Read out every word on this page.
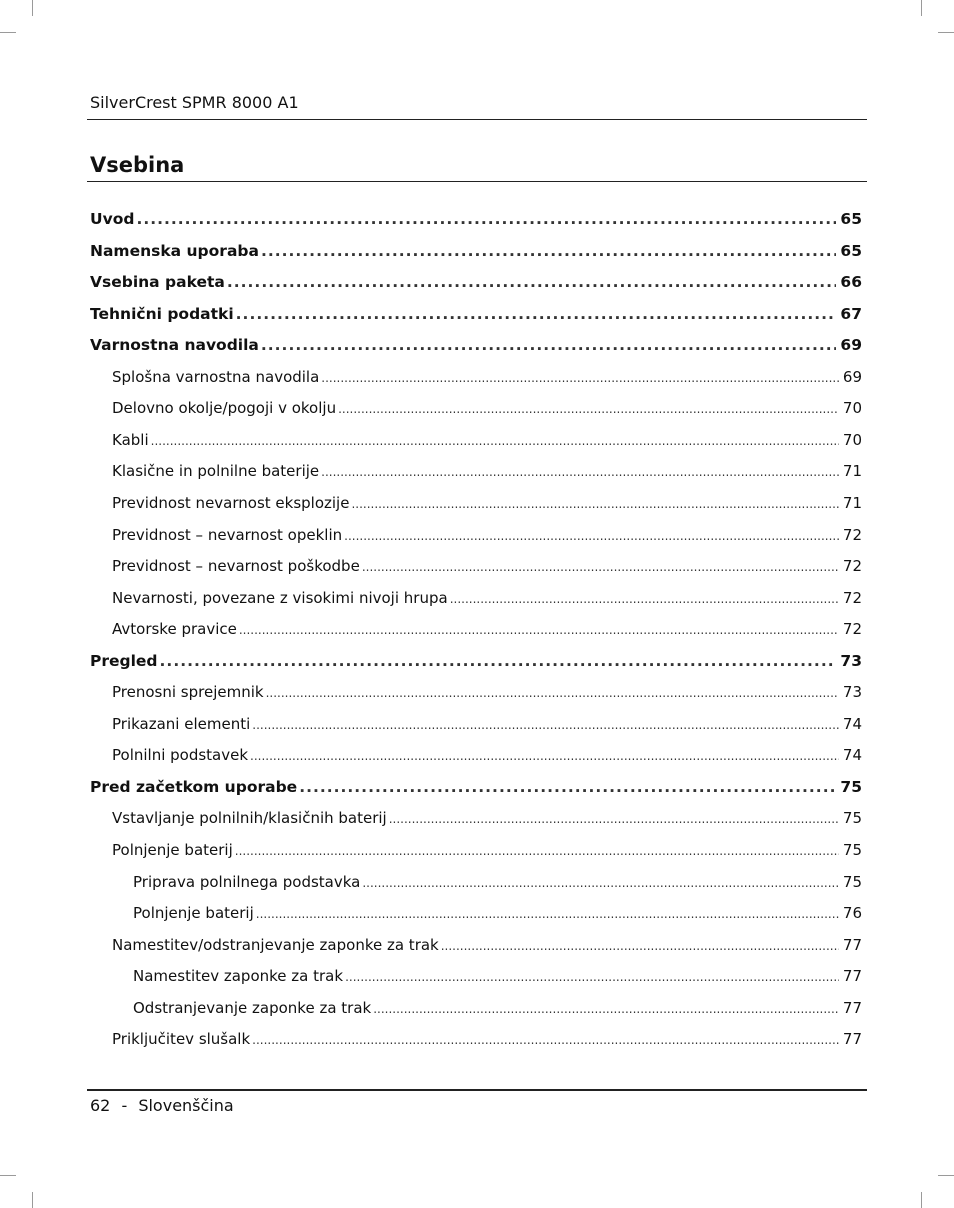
SilverCrest SPMR 8000 A1
Vsebina
Uvod .....	65
Namenska uporaba .....	65
Vsebina paketa .....	66
Tehnični podatki .....	67
Varnostna navodila .....	69
Splošna varnostna navodila .....	69
Delovno okolje/pogoji v okolju .....	70
Kabli .....	70
Klasične in polnilne baterije .....	71
Previdnost nevarnost eksplozije .....	71
Previdnost – nevarnost opeklin .....	72
Previdnost – nevarnost poškodbe .....	72
Nevarnosti, povezane z visokimi nivoji hrupa .....	72
Avtorske pravice .....	72
Pregled .....	73
Prenosni sprejemnik .....	73
Prikazani elementi .....	74
Polnilni podstavek .....	74
Pred začetkom uporabe .....	75
Vstavljanje polnilnih/klasičnih baterij .....	75
Polnjenje baterij .....	75
Priprava polnilnega podstavka .....	75
Polnjenje baterij .....	76
Namestitev/odstranjevanje zaponke za trak .....	77
Namestitev zaponke za trak .....	77
Odstranjevanje zaponke za trak .....	77
Priključitev slušalk .....	77
62 - Slovenščina
